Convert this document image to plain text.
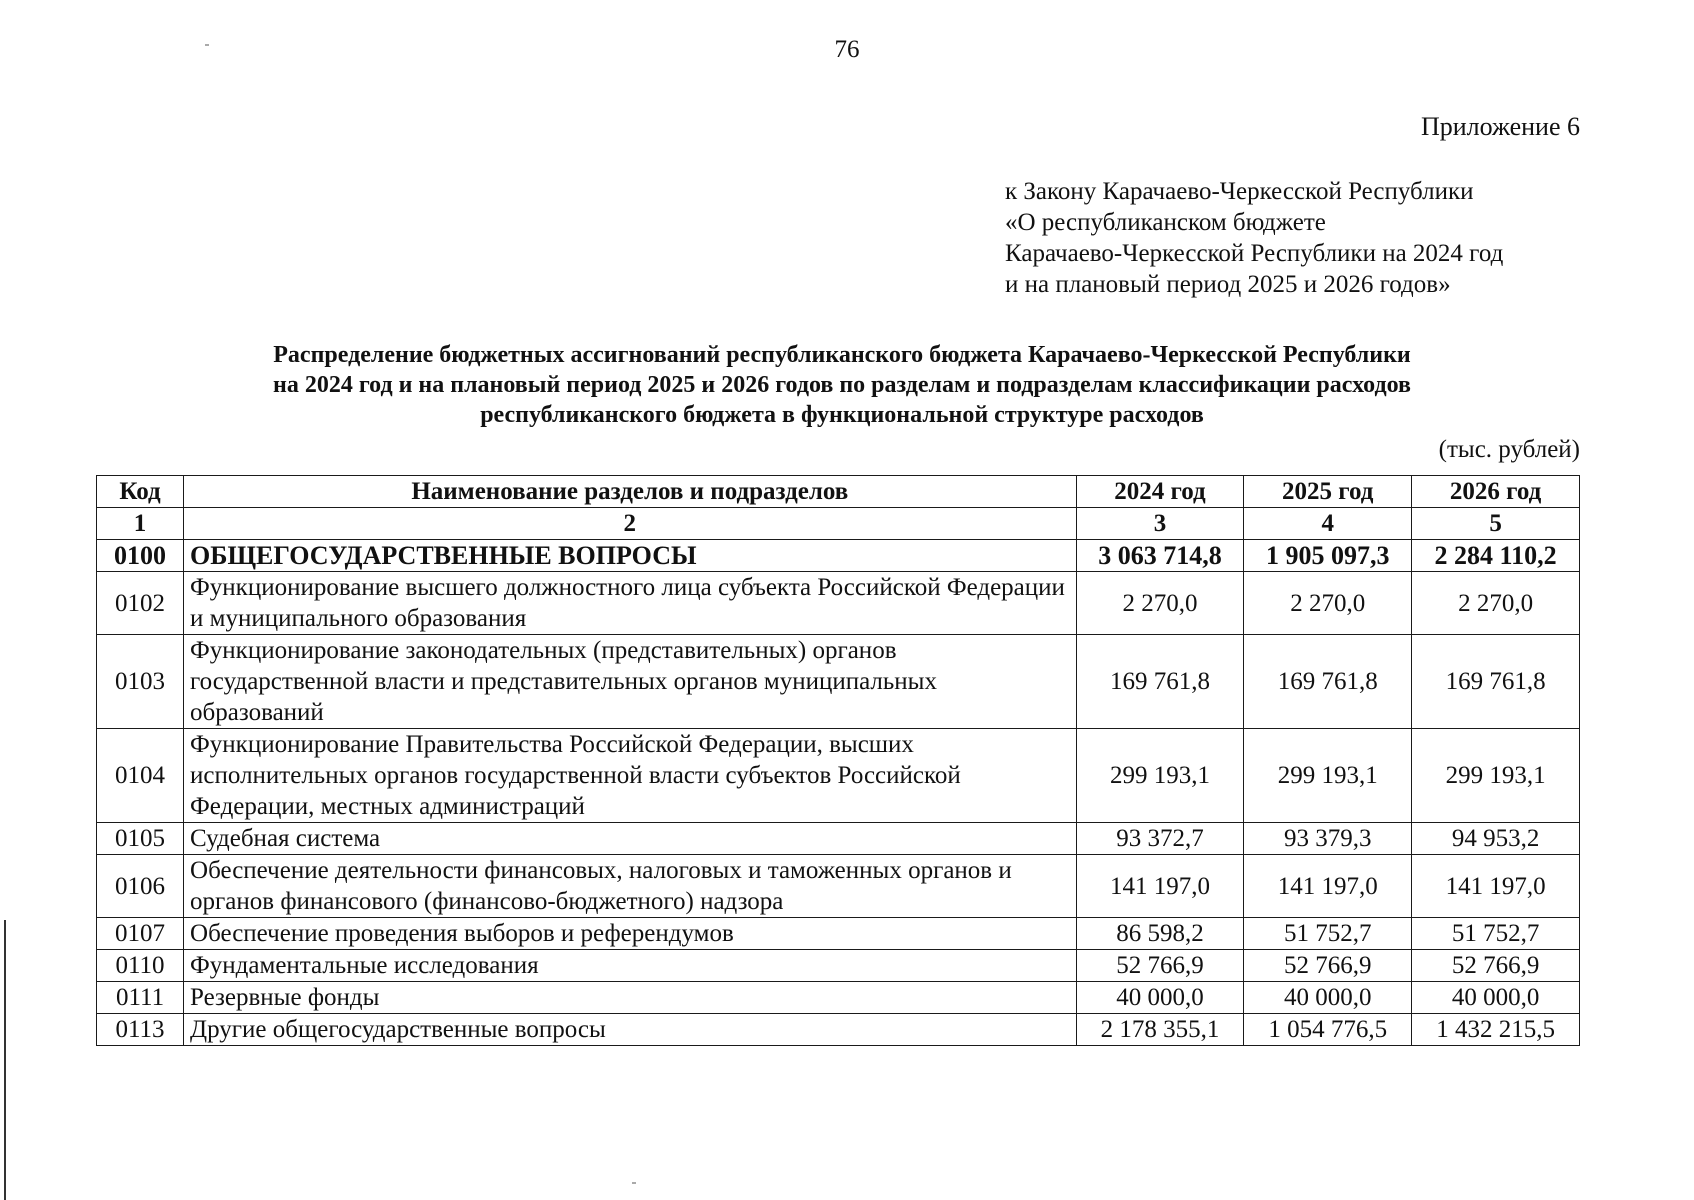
76
Приложение 6
к Закону Карачаево-Черкесской Республики
«О республиканском бюджете
Карачаево-Черкесской Республики на 2024 год
и на плановый период 2025 и 2026 годов»
Распределение бюджетных ассигнований республиканского бюджета Карачаево-Черкесской Республики
на 2024 год и на плановый период 2025 и 2026 годов по разделам и подразделам классификации расходов
республиканского бюджета в функциональной структуре расходов
(тыс. рублей)
Код	Наименование разделов и подразделов	2024 год	2025 год	2026 год
1	2	3	4	5
0100	ОБЩЕГОСУДАРСТВЕННЫЕ ВОПРОСЫ	3 063 714,8	1 905 097,3	2 284 110,2
0102	Функционирование высшего должностного лица субъекта Российской Федерации и муниципального образования	2 270,0	2 270,0	2 270,0
0103	Функционирование законодательных (представительных) органов государственной власти и представительных органов муниципальных образований	169 761,8	169 761,8	169 761,8
0104	Функционирование Правительства Российской Федерации, высших исполнительных органов государственной власти субъектов Российской Федерации, местных администраций	299 193,1	299 193,1	299 193,1
0105	Судебная система	93 372,7	93 379,3	94 953,2
0106	Обеспечение деятельности финансовых, налоговых и таможенных органов и органов финансового (финансово-бюджетного) надзора	141 197,0	141 197,0	141 197,0
0107	Обеспечение проведения выборов и референдумов	86 598,2	51 752,7	51 752,7
0110	Фундаментальные исследования	52 766,9	52 766,9	52 766,9
0111	Резервные фонды	40 000,0	40 000,0	40 000,0
0113	Другие общегосударственные вопросы	2 178 355,1	1 054 776,5	1 432 215,5
